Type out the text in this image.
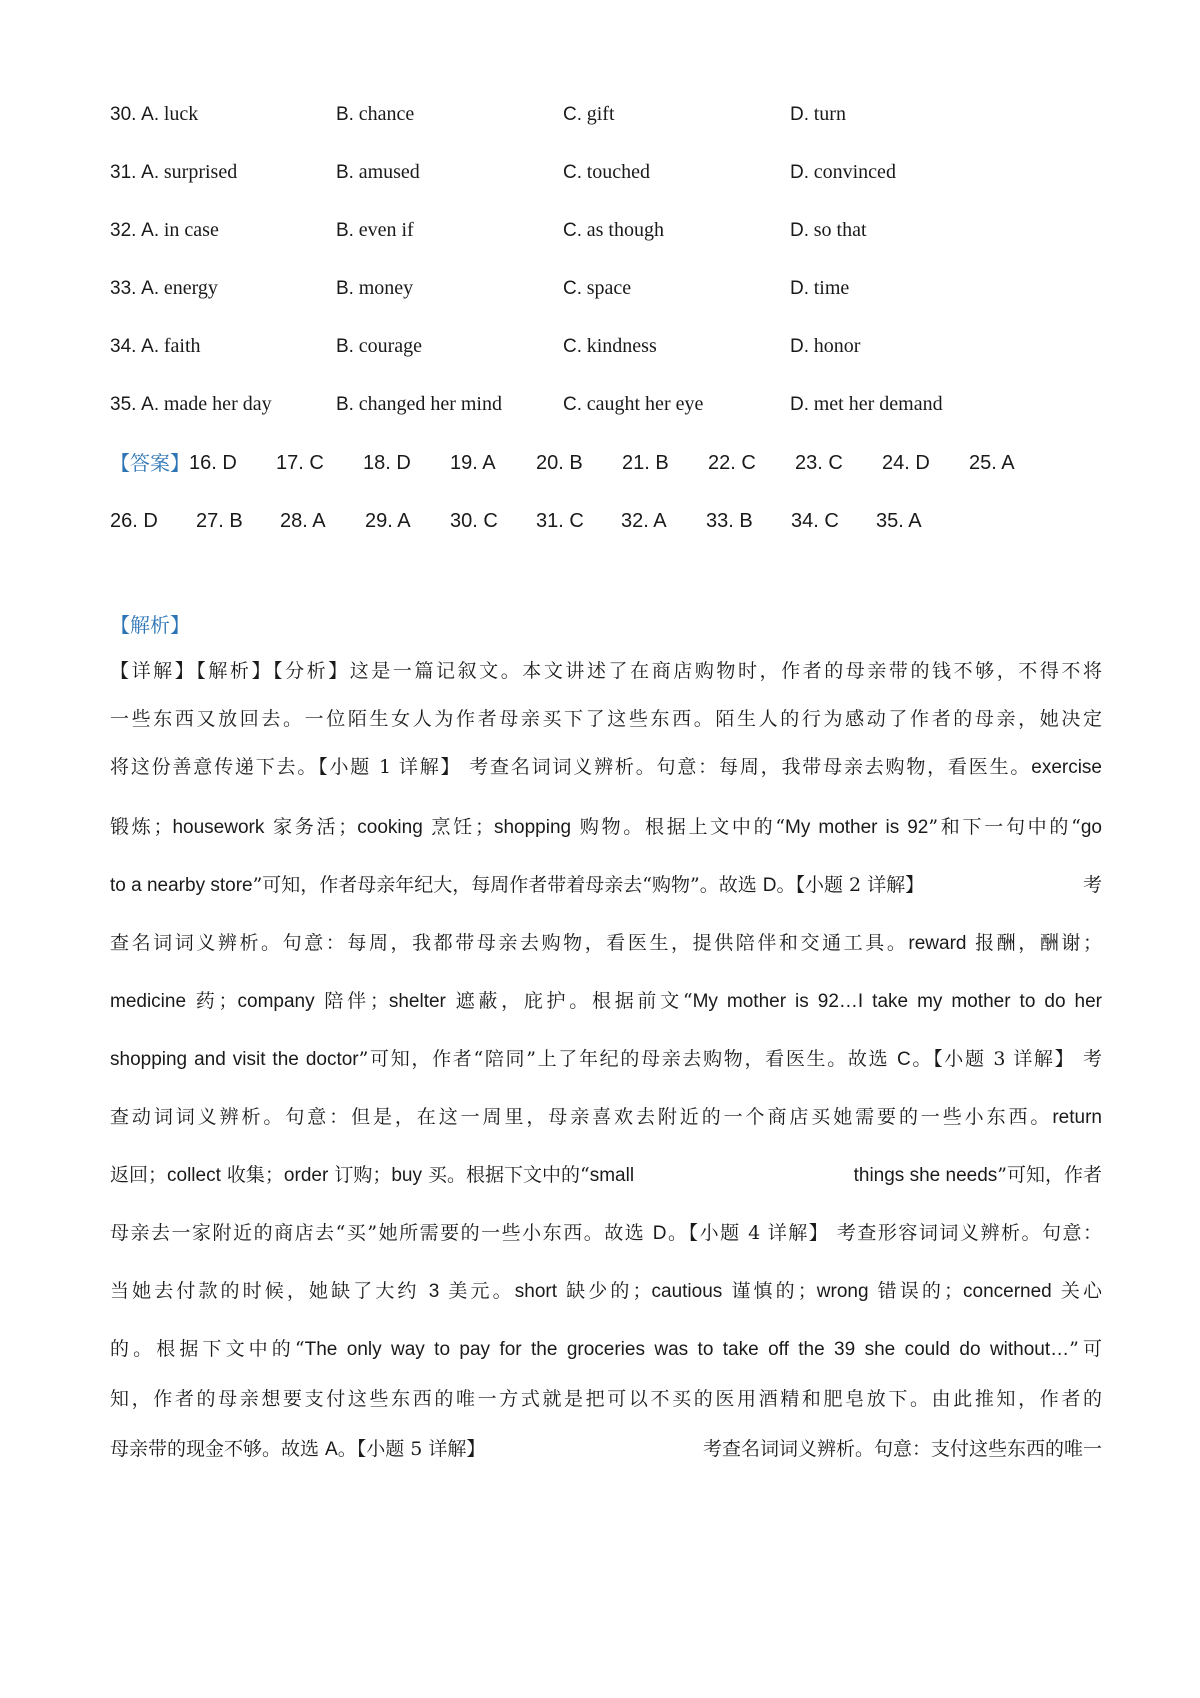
30. A. luck	B. chance	C. gift	D. turn
31. A. surprised	B. amused	C. touched	D. convinced
32. A. in case	B. even if	C. as though	D. so that
33. A. energy	B. money	C. space	D. time
34. A. faith	B. courage	C. kindness	D. honor
35. A. made her day	B. changed her mind	C. caught her eye	D. met her demand
【答案】 16. D 17. C 18. D 19. A 20. B 21. B 22. C 23. C 24. D 25. A
26. D 27. B 28. A 29. A 30. C 31. C 32. A 33. B 34. C 35. A
【解析】
【详解】【解析】【分析】这是一篇记叙文。本文讲述了在商店购物时，作者的母亲带的钱不够，不得不将
一些东西又放回去。一位陌生女人为作者母亲买下了这些东西。陌生人的行为感动了作者的母亲，她决定
将这份善意传递下去。【小题 1 详解】 考查名词词义辨析。句意：每周，我带母亲去购物，看医生。exercise
锻炼；housework 家务活；cooking 烹饪；shopping 购物。根据上文中的“My mother is 92”和下一句中的“go
to a nearby store”可知，作者母亲年纪大，每周作者带着母亲去“购物”。故选 D。【小题 2 详解】	考
查名词词义辨析。句意：每周，我都带母亲去购物，看医生，提供陪伴和交通工具。reward 报酬，酬谢；
medicine 药；company 陪伴；shelter 遮蔽，庇护。根据前文“My mother is 92…I take my mother to do her
shopping and visit the doctor”可知，作者“陪同”上了年纪的母亲去购物，看医生。故选 C。【小题 3 详解】 考
查动词词义辨析。句意：但是，在这一周里，母亲喜欢去附近的一个商店买她需要的一些小东西。return
返回；collect 收集；order 订购；buy 买。根据下文中的“small	things she needs”可知，作者
母亲去一家附近的商店去“买”她所需要的一些小东西。故选 D。【小题 4 详解】 考查形容词词义辨析。句意：
当她去付款的时候，她缺了大约 3 美元。short 缺少的；cautious 谨慎的；wrong 错误的；concerned 关心
的。根据下文中的“The only way to pay for the groceries was to take off the 39 she could do without…”可
知，作者的母亲想要支付这些东西的唯一方式就是把可以不买的医用酒精和肥皂放下。由此推知，作者的
母亲带的现金不够。故选 A。【小题 5 详解】	考查名词词义辨析。句意：支付这些东西的唯一
